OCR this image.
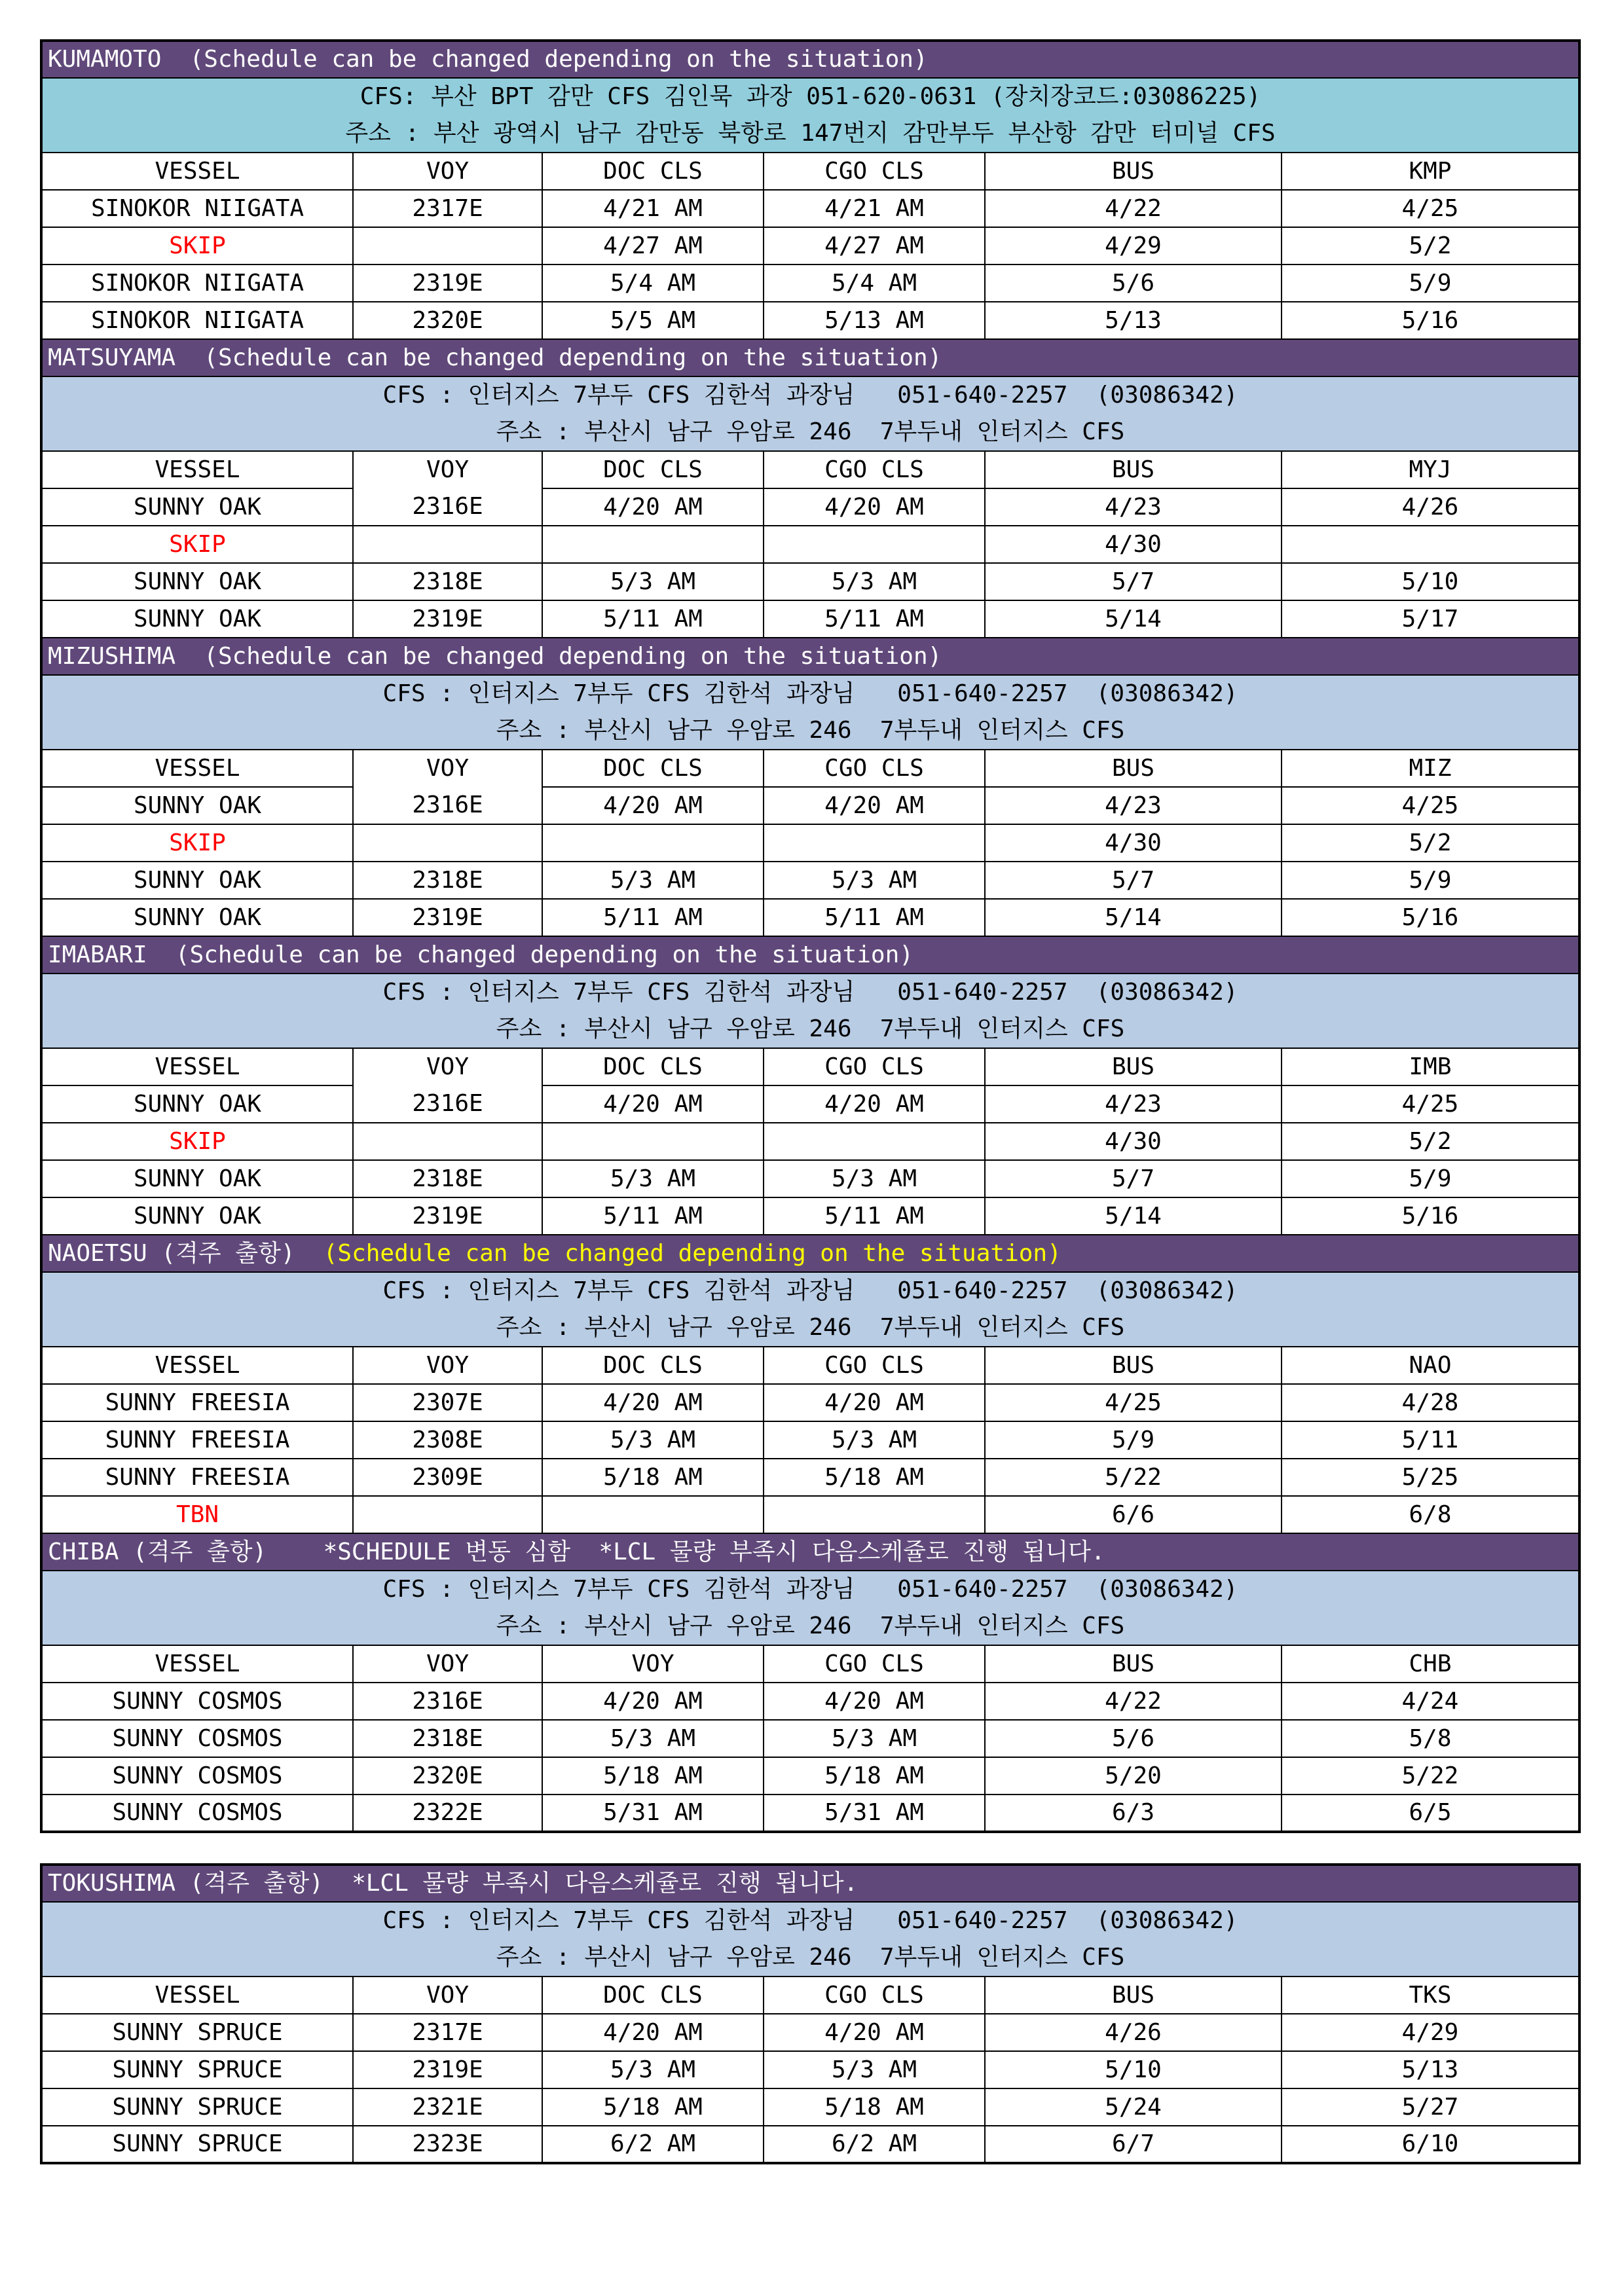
KUMAMOTO (Schedule can be changed depending on the situation)					
CFS: 부산 BPT 감만 CFS 김인묵 과장 051-620-0631 (장치장코드:03086225)					
주소 : 부산 광역시 남구 감만동 북항로 147번지 감만부두 부산항 감만 터미널 CFS					
VESSEL	VOY	DOC CLS	CGO CLS	BUS	KMP
SINOKOR NIIGATA	2317E	4/21 AM	4/21 AM	4/22	4/25
SKIP		4/27 AM	4/27 AM	4/29	5/2
SINOKOR NIIGATA	2319E	5/4 AM	5/4 AM	5/6	5/9
SINOKOR NIIGATA	2320E	5/5 AM	5/13 AM	5/13	5/16
MATSUYAMA (Schedule can be changed depending on the situation)					
CFS : 인터지스 7부두 CFS 김한석 과장님   051-640-2257  (03086342)					
주소 : 부산시 남구 우암로 246  7부두내 인터지스 CFS					
VESSEL	VOY	DOC CLS	CGO CLS	BUS	MYJ
SUNNY OAK	2316E	4/20 AM	4/20 AM	4/23	4/26
SKIP				4/30	
SUNNY OAK	2318E	5/3 AM	5/3 AM	5/7	5/10
SUNNY OAK	2319E	5/11 AM	5/11 AM	5/14	5/17
MIZUSHIMA (Schedule can be changed depending on the situation)					
CFS : 인터지스 7부두 CFS 김한석 과장님   051-640-2257  (03086342)					
주소 : 부산시 남구 우암로 246  7부두내 인터지스 CFS					
VESSEL	VOY	DOC CLS	CGO CLS	BUS	MIZ
SUNNY OAK	2316E	4/20 AM	4/20 AM	4/23	4/25
SKIP				4/30	5/2
SUNNY OAK	2318E	5/3 AM	5/3 AM	5/7	5/9
SUNNY OAK	2319E	5/11 AM	5/11 AM	5/14	5/16
IMABARI (Schedule can be changed depending on the situation)					
CFS : 인터지스 7부두 CFS 김한석 과장님   051-640-2257  (03086342)					
주소 : 부산시 남구 우암로 246  7부두내 인터지스 CFS					
VESSEL	VOY	DOC CLS	CGO CLS	BUS	IMB
SUNNY OAK	2316E	4/20 AM	4/20 AM	4/23	4/25
SKIP				4/30	5/2
SUNNY OAK	2318E	5/3 AM	5/3 AM	5/7	5/9
SUNNY OAK	2319E	5/11 AM	5/11 AM	5/14	5/16
NAOETSU (격주 출항) (Schedule can be changed depending on the situation)					
CFS : 인터지스 7부두 CFS 김한석 과장님   051-640-2257  (03086342)					
주소 : 부산시 남구 우암로 246  7부두내 인터지스 CFS					
VESSEL	VOY	DOC CLS	CGO CLS	BUS	NAO
SUNNY FREESIA	2307E	4/20 AM	4/20 AM	4/25	4/28
SUNNY FREESIA	2308E	5/3 AM	5/3 AM	5/9	5/11
SUNNY FREESIA	2309E	5/18 AM	5/18 AM	5/22	5/25
TBN				6/6	6/8
CHIBA (격주 출항) *SCHEDULE 변동 심함  *LCL 물량 부족시 다음스케쥴로 진행 됩니다.					
CFS : 인터지스 7부두 CFS 김한석 과장님   051-640-2257  (03086342)					
주소 : 부산시 남구 우암로 246  7부두내 인터지스 CFS					
VESSEL	VOY	VOY	CGO CLS	BUS	CHB
SUNNY COSMOS	2316E	4/20 AM	4/20 AM	4/22	4/24
SUNNY COSMOS	2318E	5/3 AM	5/3 AM	5/6	5/8
SUNNY COSMOS	2320E	5/18 AM	5/18 AM	5/20	5/22
SUNNY COSMOS	2322E	5/31 AM	5/31 AM	6/3	6/5
TOKUSHIMA (격주 출항) *LCL 물량 부족시 다음스케쥴로 진행 됩니다.					
CFS : 인터지스 7부두 CFS 김한석 과장님   051-640-2257  (03086342)					
주소 : 부산시 남구 우암로 246  7부두내 인터지스 CFS					
VESSEL	VOY	DOC CLS	CGO CLS	BUS	TKS
SUNNY SPRUCE	2317E	4/20 AM	4/20 AM	4/26	4/29
SUNNY SPRUCE	2319E	5/3 AM	5/3 AM	5/10	5/13
SUNNY SPRUCE	2321E	5/18 AM	5/18 AM	5/24	5/27
SUNNY SPRUCE	2323E	6/2 AM	6/2 AM	6/7	6/10
